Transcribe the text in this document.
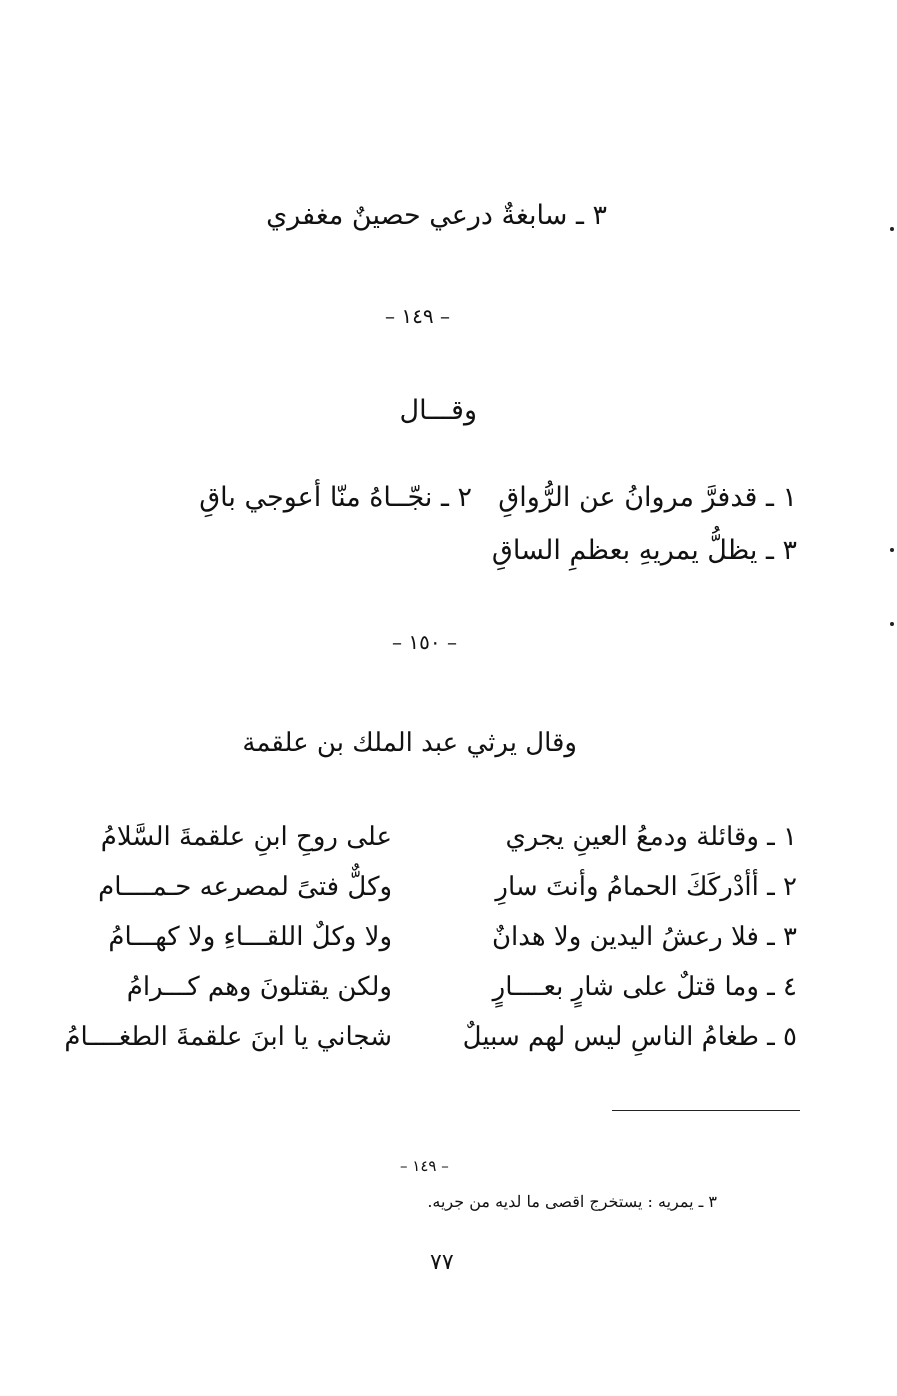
٣ ـ سابغةٌ درعي حصينٌ مغفري
– ١٤٩ –
وقـــال
١ ـ قدفرَّ مروانُ عن الرُّواقِ
٢ ـ نجّــاهُ منّا أعوجي باقِ
٣ ـ يظلُّ يمريهِ بعظمِ الساقِ
– ١٥٠ –
وقال يرثي عبد الملك بن علقمة
١ ـ وقائلة ودمعُ العينِ يجري
على روحِ ابنِ علقمةَ السَّلامُ
٢ ـ أأدْركَكَ الحمامُ وأنتَ سارِ
وكلٌّ فتىً لمصرعه حـمــــام
٣ ـ فلا رعشُ اليدين ولا هدانٌ
ولا وكلٌ اللقـــاءِ ولا كهـــامُ
٤ ـ وما قتلٌ على شارٍ بعــــارٍ
ولكن يقتلونَ وهم كـــرامُ
٥ ـ طغامُ الناسِ ليس لهم سبيلٌ
شجاني يا ابنَ علقمةَ الطغــــامُ
– ١٤٩ –
٣ ـ يمريه : يستخرج اقصى ما لديه من جريه.
٧٧
